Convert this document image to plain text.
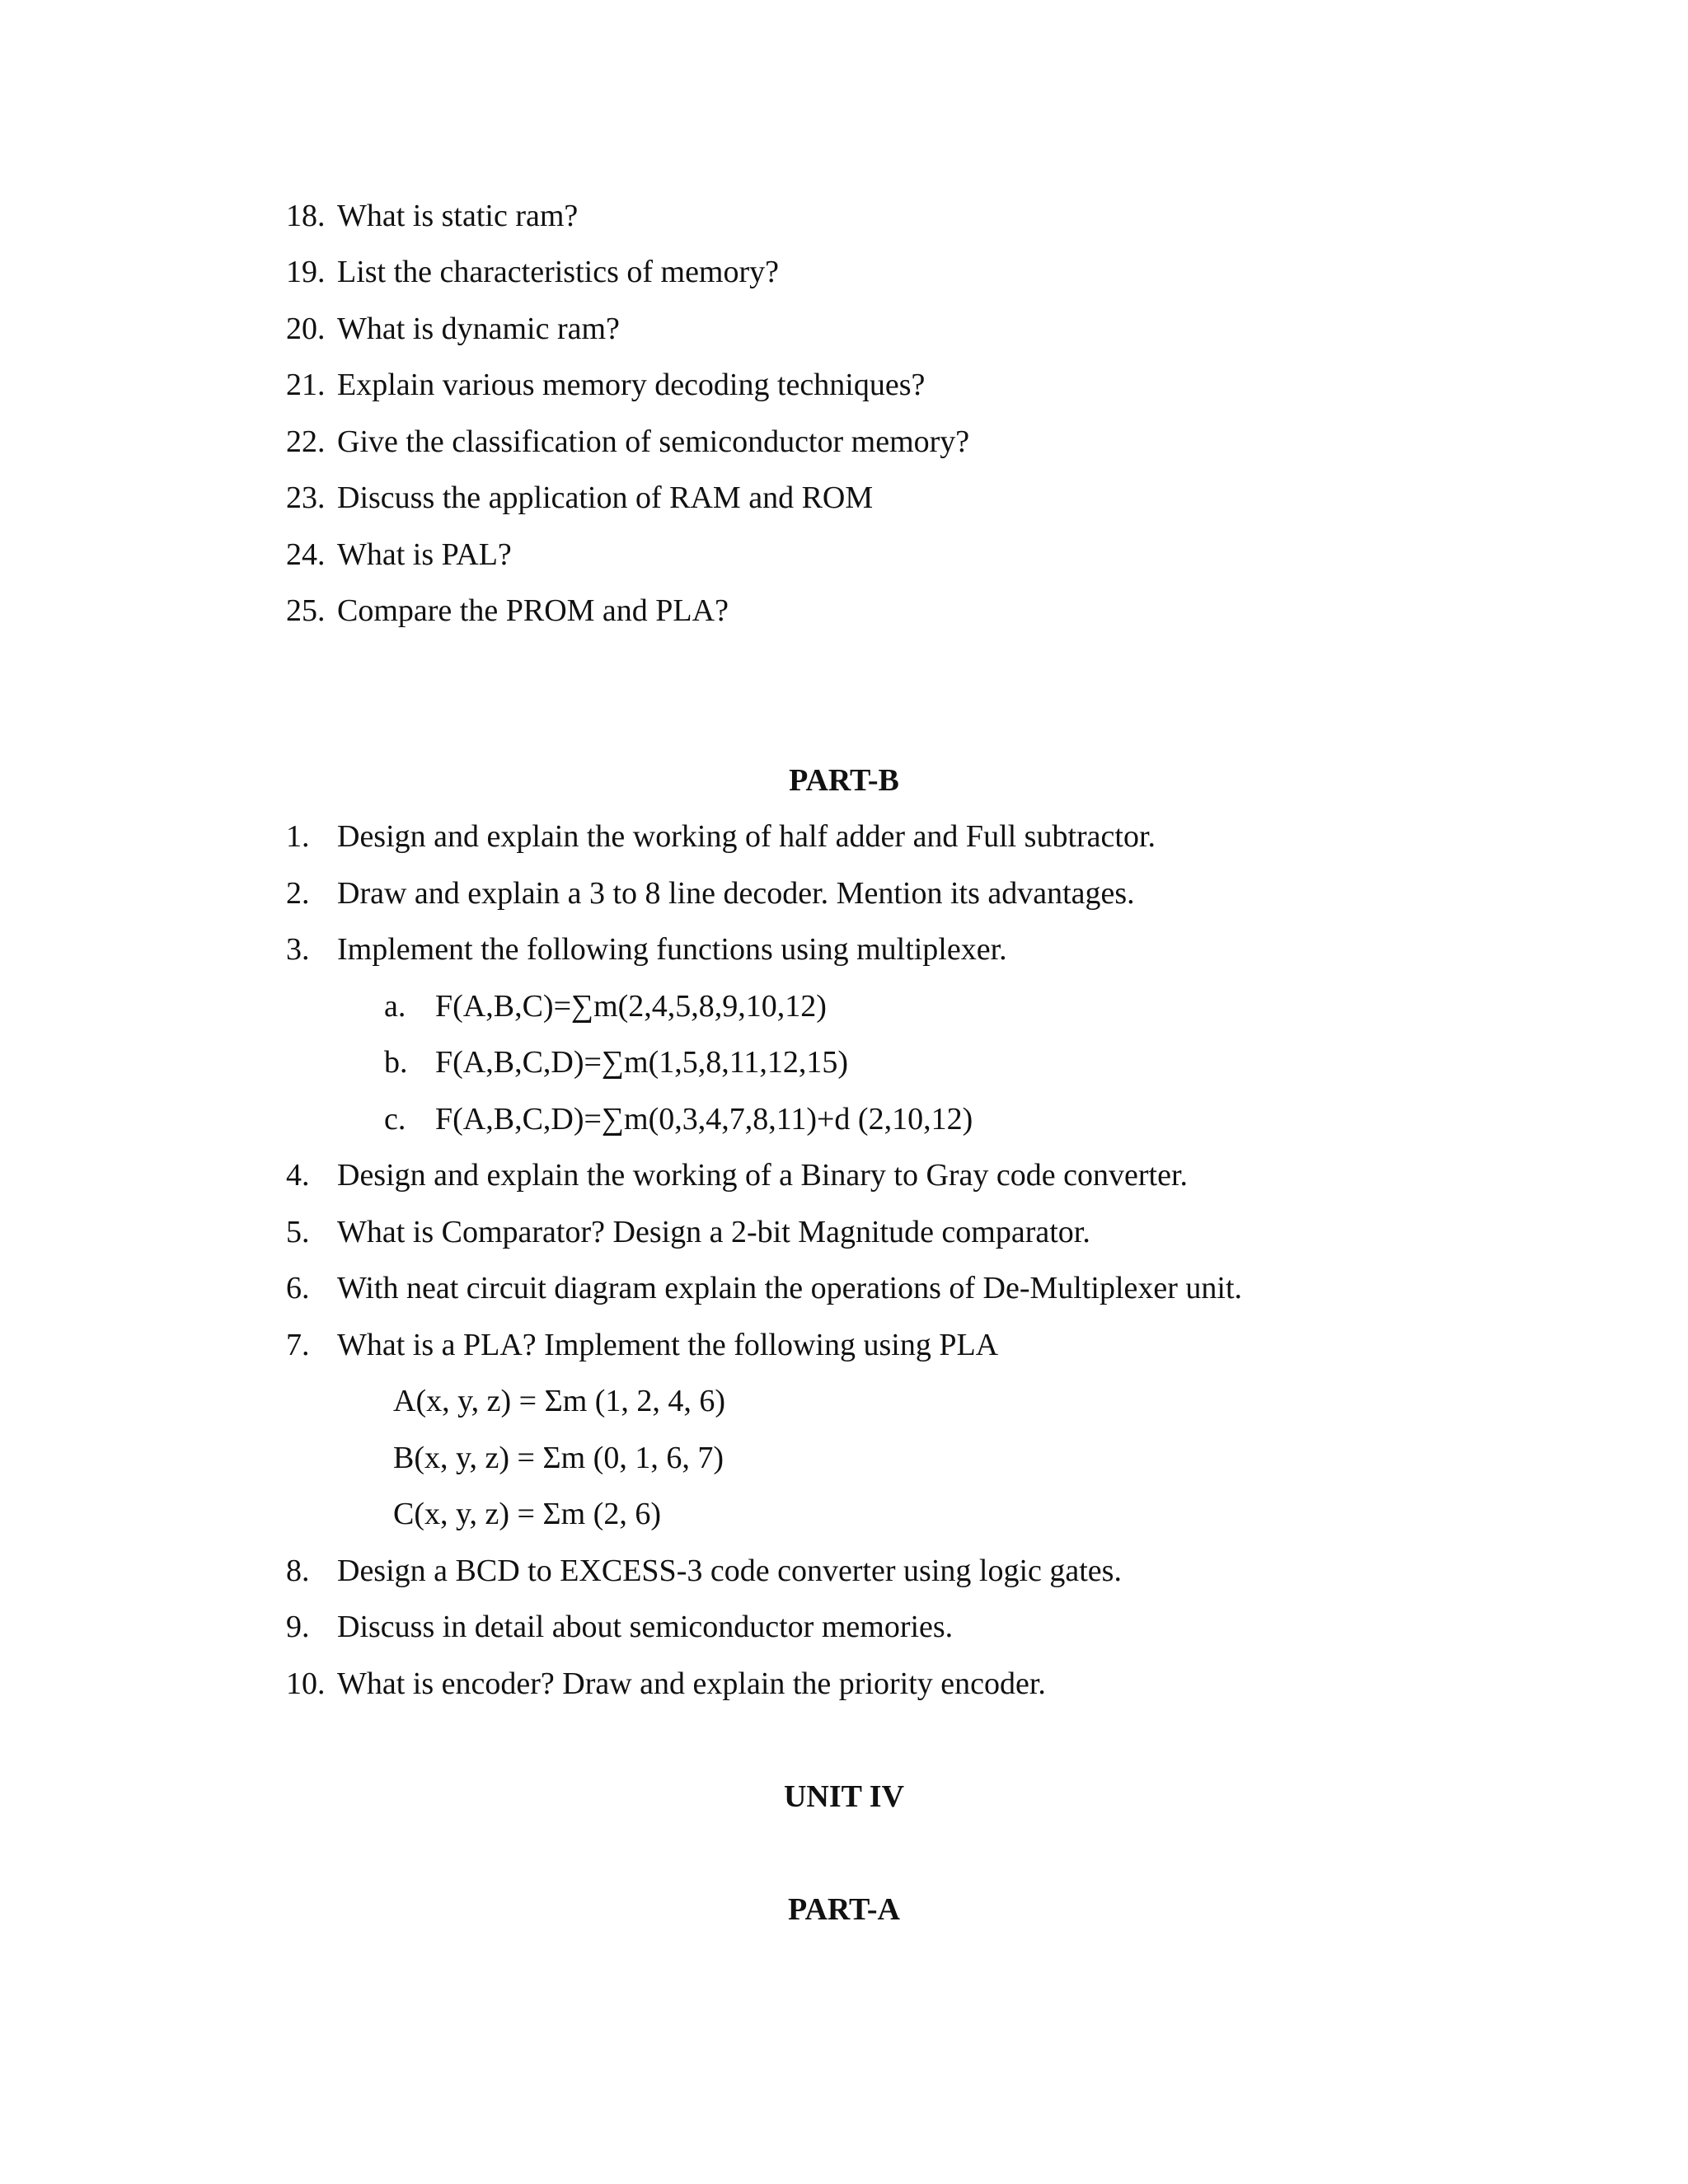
18. What is static ram?
19. List the characteristics of memory?
20. What is dynamic ram?
21. Explain various memory decoding techniques?
22. Give the classification of semiconductor memory?
23. Discuss the application of RAM and ROM
24. What is PAL?
25. Compare the PROM and PLA?
PART-B
1. Design and explain the working of half adder and Full subtractor.
2. Draw and explain a 3 to 8 line decoder. Mention its advantages.
3. Implement the following functions using multiplexer.
a. F(A,B,C)=∑m(2,4,5,8,9,10,12)
b. F(A,B,C,D)=∑m(1,5,8,11,12,15)
c. F(A,B,C,D)=∑m(0,3,4,7,8,11)+d (2,10,12)
4. Design and explain the working of a Binary to Gray code converter.
5. What is Comparator? Design a 2-bit Magnitude comparator.
6. With neat circuit diagram explain the operations of De-Multiplexer unit.
7. What is a PLA? Implement the following using PLA
A(x, y, z) = Σm (1, 2, 4, 6)
B(x, y, z) = Σm (0, 1, 6, 7)
C(x, y, z) = Σm (2, 6)
8. Design a BCD to EXCESS-3 code converter using logic gates.
9. Discuss in detail about semiconductor memories.
10. What is encoder? Draw and explain the priority encoder.
UNIT IV
PART-A
